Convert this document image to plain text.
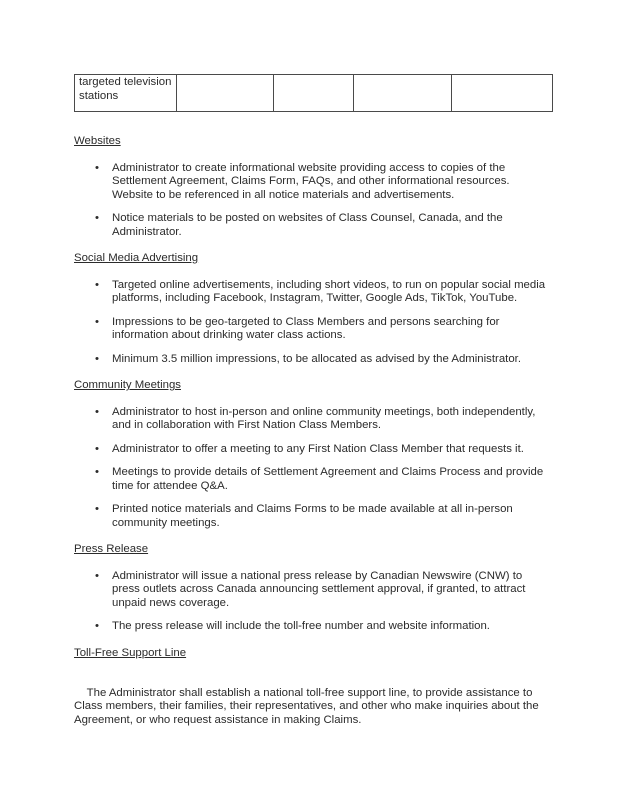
targeted television stations				
Websites
• Administrator to create informational website providing access to copies of the Settlement Agreement, Claims Form, FAQs, and other informational resources.  Website to be referenced in all notice materials and advertisements.
• Notice materials to be posted on websites of Class Counsel, Canada, and the Administrator.
Social Media Advertising
• Targeted online advertisements, including short videos, to run on popular social media platforms, including Facebook, Instagram, Twitter, Google Ads, TikTok, YouTube.
• Impressions to be geo-targeted to Class Members and persons searching for information about drinking water class actions.
• Minimum 3.5 million impressions, to be allocated as advised by the Administrator.
Community Meetings
• Administrator to host in-person and online community meetings, both independently, and in collaboration with First Nation Class Members.
• Administrator to offer a meeting to any First Nation Class Member that requests it.
• Meetings to provide details of Settlement Agreement and Claims Process and provide time for attendee Q&A.
• Printed notice materials and Claims Forms to be made available at all in-person community meetings.
Press Release
• Administrator will issue a national press release by Canadian Newswire (CNW) to press outlets across Canada announcing settlement approval, if granted, to attract unpaid news coverage.
• The press release will include the toll-free number and website information.
Toll-Free Support Line

The Administrator shall establish a national toll-free support line, to provide assistance to Class members, their families, their representatives, and other who make inquiries about the Agreement, or who request assistance in making Claims.
